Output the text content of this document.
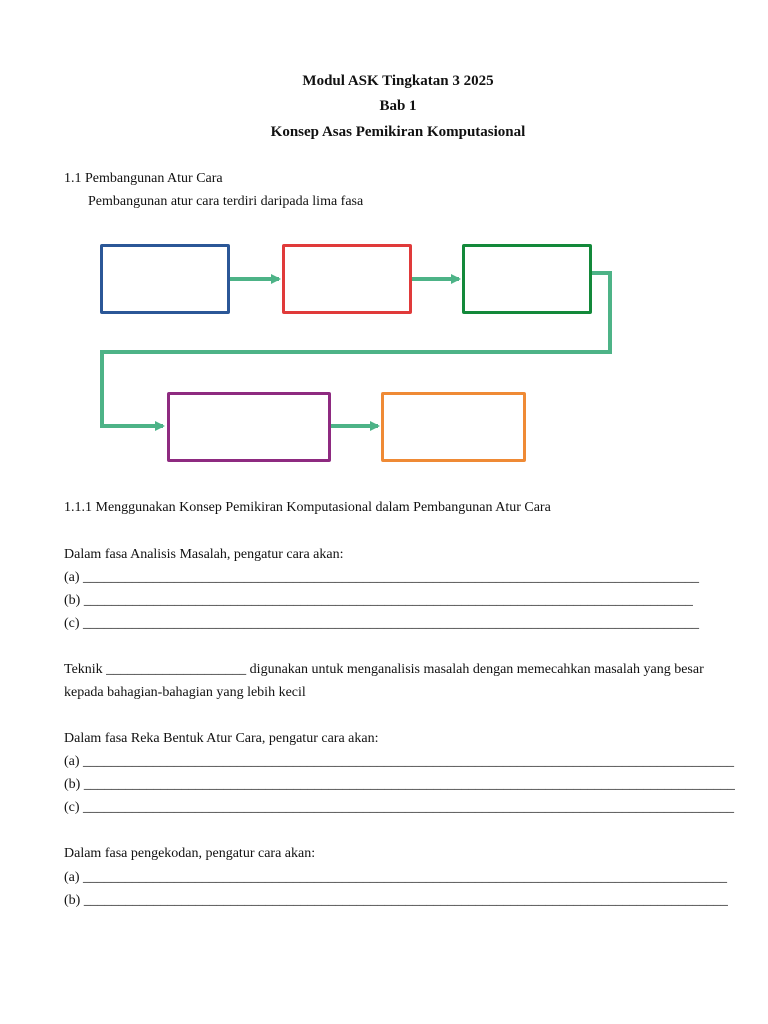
Modul ASK Tingkatan 3 2025
Bab 1
Konsep Asas Pemikiran Komputasional
1.1 Pembangunan Atur Cara
Pembangunan atur cara terdiri daripada lima fasa
1.1.1 Menggunakan Konsep Pemikiran Komputasional dalam Pembangunan Atur Cara
Dalam fasa Analisis Masalah, pengatur cara akan:
(a) ________________________________________________________________________________________
(b) _______________________________________________________________________________________
(c) ________________________________________________________________________________________
Teknik ____________________ digunakan untuk menganalisis masalah dengan memecahkan masalah yang besar
kepada bahagian-bahagian yang lebih kecil
Dalam fasa Reka Bentuk Atur Cara, pengatur cara akan:
(a) _____________________________________________________________________________________________
(b) _____________________________________________________________________________________________
(c) _____________________________________________________________________________________________
Dalam fasa pengekodan, pengatur cara akan:
(a) ____________________________________________________________________________________________
(b) ____________________________________________________________________________________________
